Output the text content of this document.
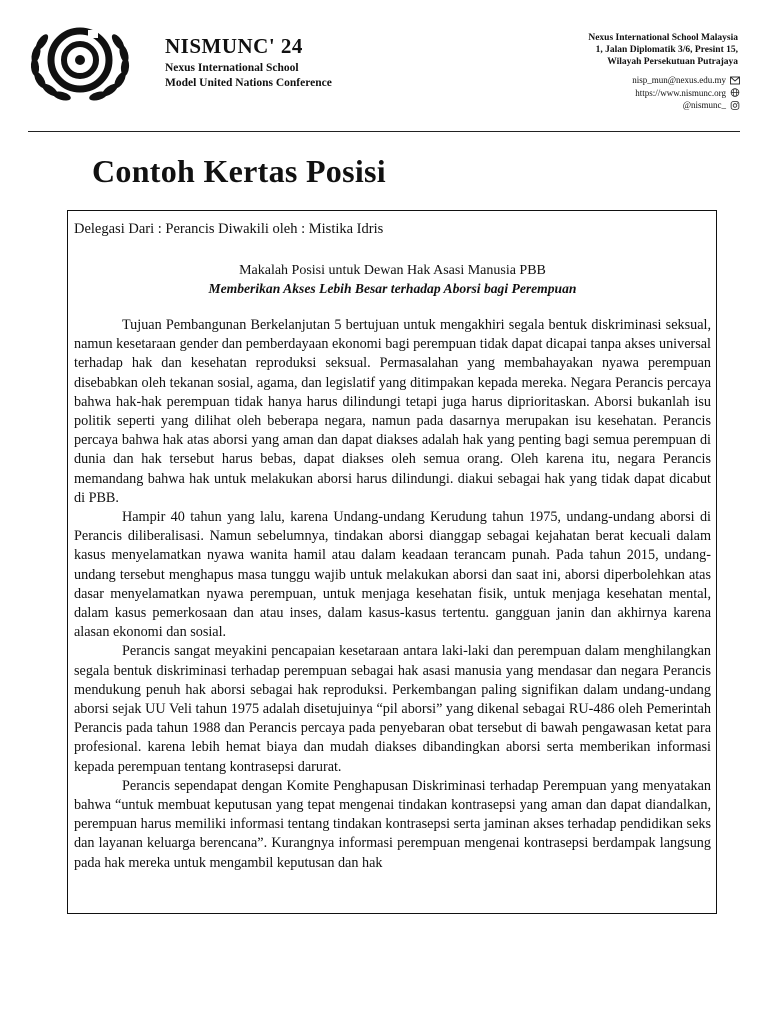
NISMUNC' 24
Nexus International School
Model United Nations Conference
Nexus International School Malaysia
1, Jalan Diplomatik 3/6, Presint 15,
Wilayah Persekutuan Putrajaya
nisp_mun@nexus.edu.my
https://www.nismunc.org
@nismunc_
Contoh Kertas Posisi
Delegasi Dari : Perancis Diwakili oleh : Mistika Idris
Makalah Posisi untuk Dewan Hak Asasi Manusia PBB
Memberikan Akses Lebih Besar terhadap Aborsi bagi Perempuan

Tujuan Pembangunan Berkelanjutan 5 bertujuan untuk mengakhiri segala bentuk diskriminasi seksual, namun kesetaraan gender dan pemberdayaan ekonomi bagi perempuan tidak dapat dicapai tanpa akses universal terhadap hak dan kesehatan reproduksi seksual. Permasalahan yang membahayakan nyawa perempuan disebabkan oleh tekanan sosial, agama, dan legislatif yang ditimpakan kepada mereka. Negara Perancis percaya bahwa hak-hak perempuan tidak hanya harus dilindungi tetapi juga harus diprioritaskan. Aborsi bukanlah isu politik seperti yang dilihat oleh beberapa negara, namun pada dasarnya merupakan isu kesehatan. Perancis percaya bahwa hak atas aborsi yang aman dan dapat diakses adalah hak yang penting bagi semua perempuan di dunia dan hak tersebut harus bebas, dapat diakses oleh semua orang. Oleh karena itu, negara Perancis memandang bahwa hak untuk melakukan aborsi harus dilindungi. diakui sebagai hak yang tidak dapat dicabut di PBB.

Hampir 40 tahun yang lalu, karena Undang-undang Kerudung tahun 1975, undang-undang aborsi di Perancis diliberalisasi. Namun sebelumnya, tindakan aborsi dianggap sebagai kejahatan berat kecuali dalam kasus menyelamatkan nyawa wanita hamil atau dalam keadaan terancam punah. Pada tahun 2015, undang-undang tersebut menghapus masa tunggu wajib untuk melakukan aborsi dan saat ini, aborsi diperbolehkan atas dasar menyelamatkan nyawa perempuan, untuk menjaga kesehatan fisik, untuk menjaga kesehatan mental, dalam kasus pemerkosaan dan atau inses, dalam kasus-kasus tertentu. gangguan janin dan akhirnya karena alasan ekonomi dan sosial.

Perancis sangat meyakini pencapaian kesetaraan antara laki-laki dan perempuan dalam menghilangkan segala bentuk diskriminasi terhadap perempuan sebagai hak asasi manusia yang mendasar dan negara Perancis mendukung penuh hak aborsi sebagai hak reproduksi. Perkembangan paling signifikan dalam undang-undang aborsi sejak UU Veli tahun 1975 adalah disetujuinya “pil aborsi” yang dikenal sebagai RU-486 oleh Pemerintah Perancis pada tahun 1988 dan Perancis percaya pada penyebaran obat tersebut di bawah pengawasan ketat para profesional. karena lebih hemat biaya dan mudah diakses dibandingkan aborsi serta memberikan informasi kepada perempuan tentang kontrasepsi darurat.

Perancis sependapat dengan Komite Penghapusan Diskriminasi terhadap Perempuan yang menyatakan bahwa “untuk membuat keputusan yang tepat mengenai tindakan kontrasepsi yang aman dan dapat diandalkan, perempuan harus memiliki informasi tentang tindakan kontrasepsi serta jaminan akses terhadap pendidikan seks dan layanan keluarga berencana”. Kurangnya informasi perempuan mengenai kontrasepsi berdampak langsung pada hak mereka untuk mengambil keputusan dan hak
